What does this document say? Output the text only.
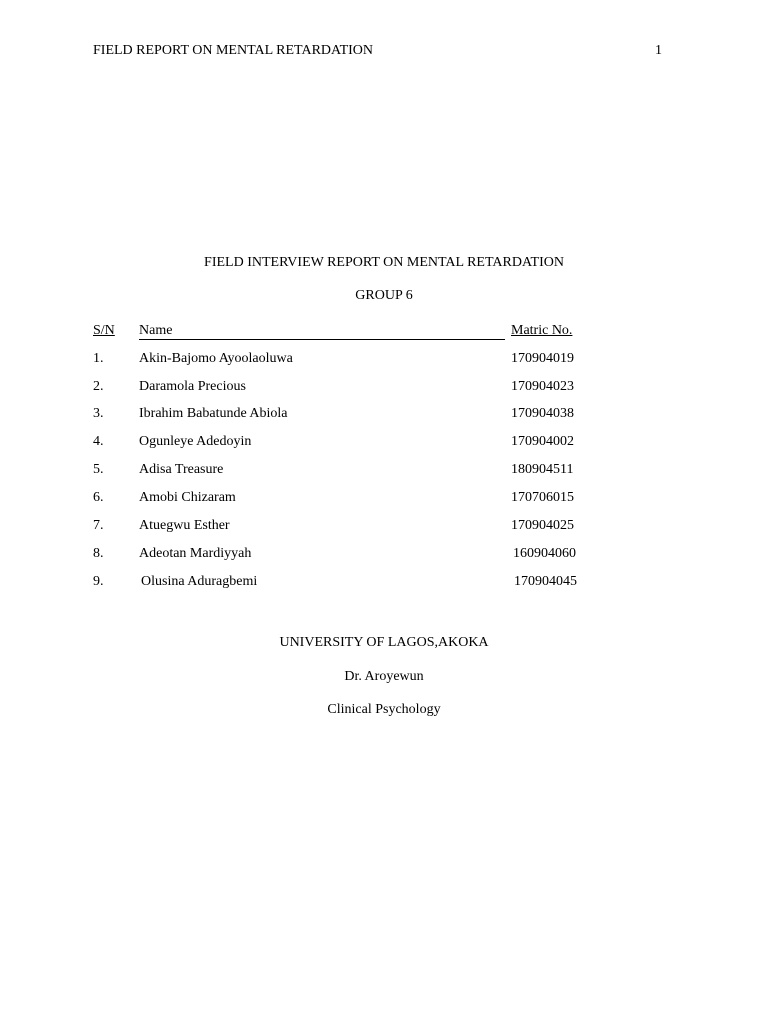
FIELD REPORT ON MENTAL RETARDATION	1
FIELD INTERVIEW REPORT ON MENTAL RETARDATION
GROUP 6
S/N Name	Matric No.
1.	Akin-Bajomo Ayoolaoluwa	170904019
2.	Daramola Precious	170904023
3.	Ibrahim Babatunde Abiola	170904038
4.	Ogunleye Adedoyin	170904002
5.	Adisa Treasure	180904511
6.	Amobi Chizaram	170706015
7.	Atuegwu Esther	170904025
8.	Adeotan Mardiyyah	160904060
9.	Olusina Aduragbemi	170904045
UNIVERSITY OF LAGOS,AKOKA
Dr. Aroyewun
Clinical Psychology
